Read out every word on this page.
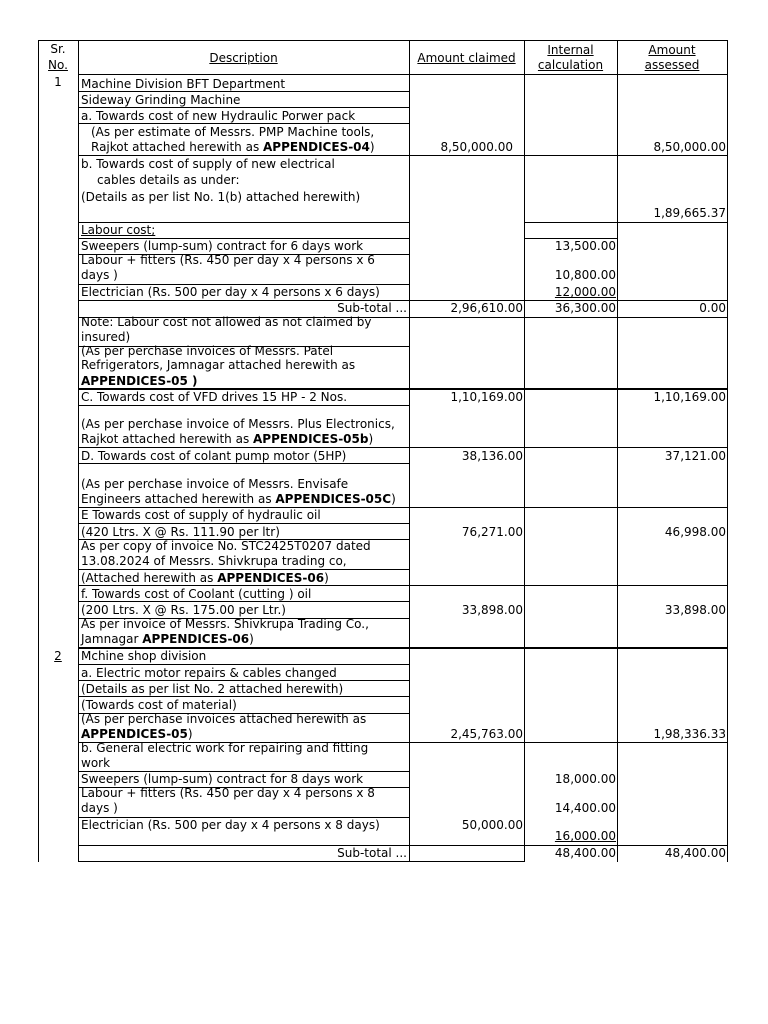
Sr.
No.	Description	Amount claimed
Internal
calculation
Amount
assessed
1
2
Machine Division BFT Department
Sideway Grinding Machine
a. Towards cost of new Hydraulic Porwer pack
(As per estimate of Messrs. PMP Machine tools,
Rajkot attached herewith as APPENDICES-04)
b. Towards cost of supply of new electrical
cables details as under:
(Details as per list No. 1(b) attached herewith)
Labour cost;
Sweepers (lump-sum) contract for 6 days work
Labour + fitters (Rs. 450 per day x 4 persons x 6
days )
Electrician (Rs. 500 per day x 4 persons x 6 days)
Sub-total ...
Note: Labour cost not allowed as not claimed by
insured)
(As per perchase invoices of Messrs. Patel
Refrigerators, Jamnagar attached herewith as
APPENDICES-05 )
C. Towards cost of VFD drives 15 HP - 2 Nos.
(As per perchase invoice of Messrs. Plus Electronics,
Rajkot attached herewith as APPENDICES-05b)
D. Towards cost of colant pump motor (5HP)
(As per perchase invoice of Messrs. Envisafe
Engineers attached herewith as APPENDICES-05C)
E Towards cost of supply of hydraulic oil
(420 Ltrs. X @ Rs. 111.90 per ltr)
As per copy of invoice No. STC2425T0207 dated
13.08.2024 of Messrs. Shivkrupa trading co,
(Attached herewith as APPENDICES-06)
f. Towards cost of Coolant (cutting ) oil
(200 Ltrs. X @ Rs. 175.00 per Ltr.)
As per invoice of Messrs. Shivkrupa Trading Co.,
Jamnagar APPENDICES-06)
Mchine shop division
a. Electric motor repairs & cables changed
(Details as per list No. 2 attached herewith)
(Towards cost of material)
(As per perchase invoices attached herewith as
APPENDICES-05)
b. General electric work for repairing and fitting
work
Sweepers (lump-sum) contract for 8 days work
Labour + fitters (Rs. 450 per day x 4 persons x 8
days )
Electrician (Rs. 500 per day x 4 persons x 8 days)
Sub-total ...
8,50,000.00
2,96,610.00
1,10,169.00
38,136.00
76,271.00
33,898.00
2,45,763.00
50,000.00
13,500.00
10,800.00
12,000.00
36,300.00
18,000.00
14,400.00
16,000.00
48,400.00
8,50,000.00
1,89,665.37
0.00
1,10,169.00
37,121.00
46,998.00
33,898.00
1,98,336.33
48,400.00
